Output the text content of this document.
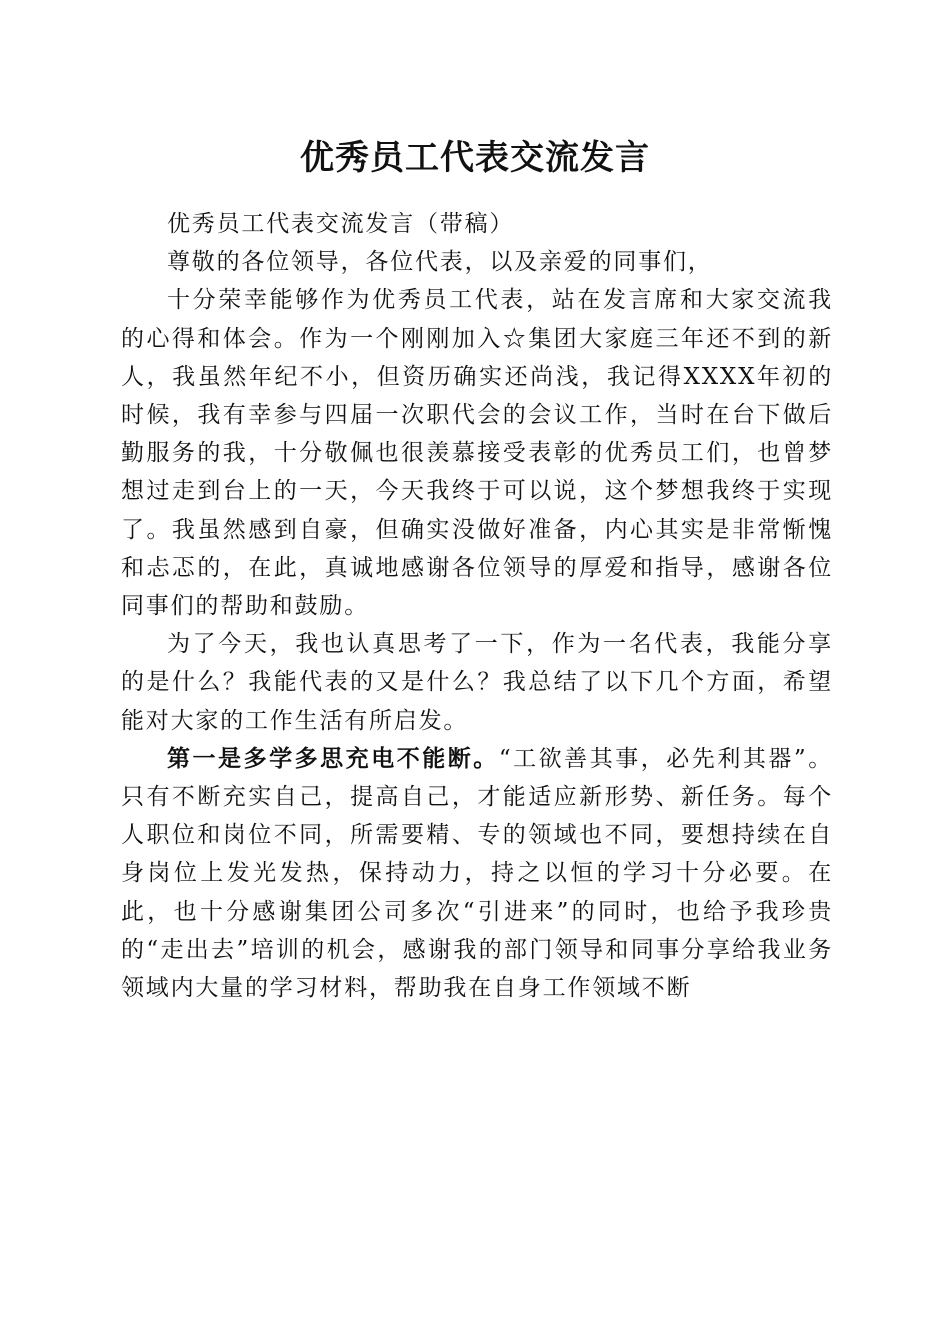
优秀员工代表交流发言

优秀员工代表交流发言（带稿）

尊敬的各位领导，各位代表，以及亲爱的同事们，

十分荣幸能够作为优秀员工代表，站在发言席和大家交流我的心得和体会。作为一个刚刚加入☆集团大家庭三年还不到的新人，我虽然年纪不小，但资历确实还尚浅，我记得XXXX年初的时候，我有幸参与四届一次职代会的会议工作，当时在台下做后勤服务的我，十分敬佩也很羡慕接受表彰的优秀员工们，也曾梦想过走到台上的一天，今天我终于可以说，这个梦想我终于实现了。我虽然感到自豪，但确实没做好准备，内心其实是非常惭愧和忐忑的，在此，真诚地感谢各位领导的厚爱和指导，感谢各位同事们的帮助和鼓励。

为了今天，我也认真思考了一下，作为一名代表，我能分享的是什么？我能代表的又是什么？我总结了以下几个方面，希望能对大家的工作生活有所启发。

第一是多学多思充电不能断。“工欲善其事，必先利其器”。只有不断充实自己，提高自己，才能适应新形势、新任务。每个人职位和岗位不同，所需要精、专的领域也不同，要想持续在自身岗位上发光发热，保持动力，持之以恒的学习十分必要。在此，也十分感谢集团公司多次“引进来”的同时，也给予我珍贵的“走出去”培训的机会，感谢我的部门领导和同事分享给我业务领域内大量的学习材料，帮助我在自身工作领域不断
